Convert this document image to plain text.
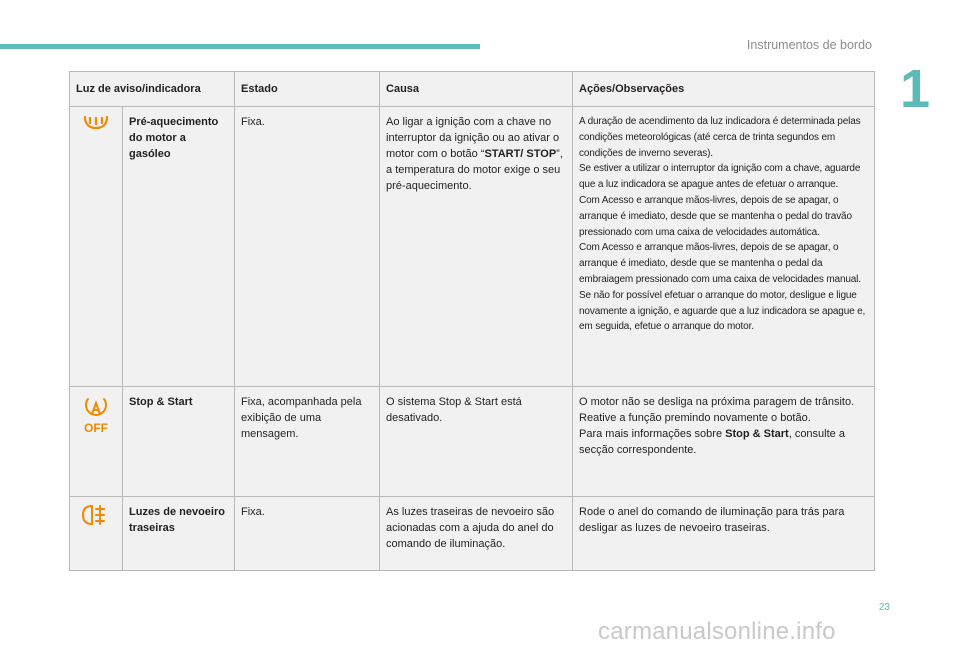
Instrumentos de bordo
1
Luz de aviso/indicadora		Estado	Causa	Ações/Observações
	Pré-aquecimento do motor a gasóleo	Fixa.	Ao ligar a ignição com a chave no interruptor da ignição ou ao ativar o motor com o botão “START/ STOP”, a temperatura do motor exige o seu pré-aquecimento.	A duração de acendimento da luz indicadora é determinada pelas condições meteorológicas (até cerca de trinta segundos em condições de inverno severas).
Se estiver a utilizar o interruptor da ignição com a chave, aguarde que a luz indicadora se apague antes de efetuar o arranque.
Com Acesso e arranque mãos-livres, depois de se apagar, o arranque é imediato, desde que se mantenha o pedal do travão pressionado com uma caixa de velocidades automática.
Com Acesso e arranque mãos-livres, depois de se apagar, o arranque é imediato, desde que se mantenha o pedal da embraiagem pressionado com uma caixa de velocidades manual.
Se não for possível efetuar o arranque do motor, desligue e ligue novamente a ignição, e aguarde que a luz indicadora se apague e, em seguida, efetue o arranque do motor.

OFF	Stop & Start	Fixa, acompanhada pela exibição de uma mensagem.	O sistema Stop & Start está desativado.	O motor não se desliga na próxima paragem de trânsito.
Reative a função premindo novamente o botão.
Para mais informações sobre Stop & Start, consulte a secção correspondente.

	Luzes de nevoeiro traseiras	Fixa.	As luzes traseiras de nevoeiro são acionadas com a ajuda do anel do comando de iluminação.	Rode o anel do comando de iluminação para trás para desligar as luzes de nevoeiro traseiras.
23
carmanualsonline.info
